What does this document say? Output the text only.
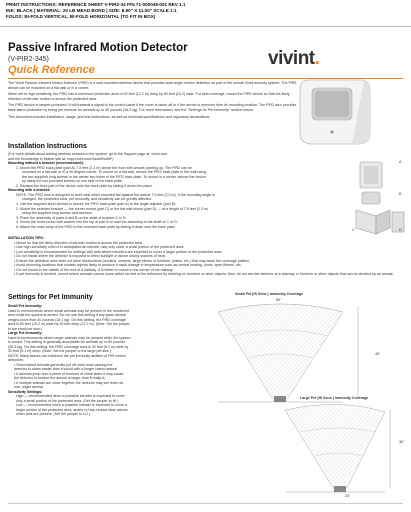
PRINT INSTRUCTIONS: REFERENCE SHEET V-PIR2-34 P/N 71-000049-001 REV 1.1
INK: BLACK | MATERIAL: 20 LB MEAD BOND | SIZE: 8.50" X 11.00" SCALE 1:1
FOLDS: BI-FOLD VERTICAL, BI-FOLD HORIZONTAL (TO FIT IN BOX)
Passive Infrared Motion Detector
(V-PIR2-345)
Quick Reference
vivint.

The Vivint Passive Infrared Motion Detector (PIR2) is a wall-mounted wireless device that provides wide-angle motion detection as part of the overall Vivint security system. The PIR2 device can be mounted on a flat wall or in a corner.

When set to high sensitivity, the PIR2 has a maximum protection area of 40 feet (12.2 m) deep by 50 feet (15.2) wide. For best coverage, mount the PIR2 device so that the likely direction of intruder motion is across the protected area.

The PIR2 device is tamper-protected. It will transmit a signal to the control panel if the cover is taken off or if the device is removed from its mounting location. The PIR2 also provides false alarm protection by being pet immune for animals up to 80 pounds (36.3 kg). For more information, see the "Settings for Pet Immunity" section below.

This document includes installation, usage, and test instructions, as well as technical specifications and regulatory declarations.

Installation Instructions
(For more details about adding wireless sensors to the system, go to the Support page at: vivint.com
and the Knowledge in Motion site at: copy.vivint.com/view/MvkMF)
Mounting without a bracket (recommended):
1. Mount the PIR2 back plate (part A) 7.5 feet (2.3 m) above the floor with arrows pointing up. The PIR2 can be
mounted on a flat wall or in a 90-degree corner. To mount on a flat wall, secure the PIR2 back plate to the wall using
the two supplied long screws in the center two holes of the PIR2 back plate. To mount in a corner, secure the device
by using the two provided screws on one side of the back plate.
2. Replace the front part of the device onto the back plate by sliding it down into place.
Mounting with a bracket:
NOTE: The PIR2 lens is designed to work best when mounted flat against the wall at 7.5 feet (2.3 m). If the mounting angle is
changed, the protected area, pet immunity, and sensitivity can be greatly affected.
1. Use the supplied short screws to secure the PIR2 back plate (part A) to the angle adjuster (part B).
2. Mount the selected bracket — the corner mount (part C) or the flat wall mount (part D) — at a height of 7.5 feet (2.3 m)
using the supplied long screws and anchors.
3. Place the assembly of parts A and B on the shaft of bracket C or D.
4. Screw the head screw with washer into the top of part B to hold the assembly to the shaft of C or D.
5. Attach the main body of the PIR2 to the mounted back plate by sliding it down onto the back plate.
A
B
C	D
INSTALLATION TIPS:
• Mount so that the likely direction of intruder motion is across the protected area.
• Use high sensitivity when it is anticipated an intruder may only cover a small portion of the protected area.
• Low sensitivity is recommended for settings with pets where intruders are expected to cover a larger portion of the protected area.
• Do not install where the detector is exposed to direct sunlight or above strong sources of heat.
• Ensure the detection area does not have obstructions (curtains, screens, large pieces of furniture, plants, etc.) that may block the coverage pattern.
• Avoid mounting locations that contain objects likely to produce a rapid change in temperature such as central heating, ducts, open flames, etc.
• Do not mount in the middle of the end of a hallway. It is better to mount in the corner of the hallway.
• If pet immunity is desired, mount where animals cannot come within six feet of the detectors by climbing on furniture or other objects. Also, do not aim the detector at a stairway or furniture or other objects that can be climbed by an animal.
Settings for Pet Immunity
Small Pet Immunity:
Used in environments where small animals may be present in the monitored
area while the system is armed. Do not use this setting if any given animal
weighs more than 40 pounds (18.1 kg). On this setting, the PIR2 coverage
area is 50 feet (15.2 m) wide by 40 feet deep (12.2 m). (Note: Set the jumper
to the small pet size.)
Large Pet Immunity:
Used in environments where larger animals may be present while the system
is armed. This setting is generally acceptable for animals up to 80 pounds
(36.3 kg). On this setting, the PIR2 coverage area is 20 feet (6.1 m) wide by
30 feet (9.1 m) deep. (Note: Set the jumper to the large pet size.)
NOTE: Many factors can influence the pet immunity abilities of PIR motion
detectors:
• Short-haired animals generally put off more heat causing the
detector to alarm easier than it would with a longer-haired animal.
• If animals jump onto a piece of furniture or climb stairs it may cause
the detector to believe the animal is larger than it really is.
• If multiple animals are close together the detector may see them as
one, larger animal.
Sensitivity Settings:
High — recommended when a possible intruder is expected to cover
only a small portion of the protected area. (Set the jumper to HI.)
Low — recommended when a possible intruder is expected to cover a
larger portion of the protected area, and/or to help reduce false alarms
when pets are present. (Set the jumper to LO.)
Small Pet (Hi Sens.) Immunity Coverage
50'
40'
Large Pet (Hi Sens.) Immunity Coverage
20'
30'
